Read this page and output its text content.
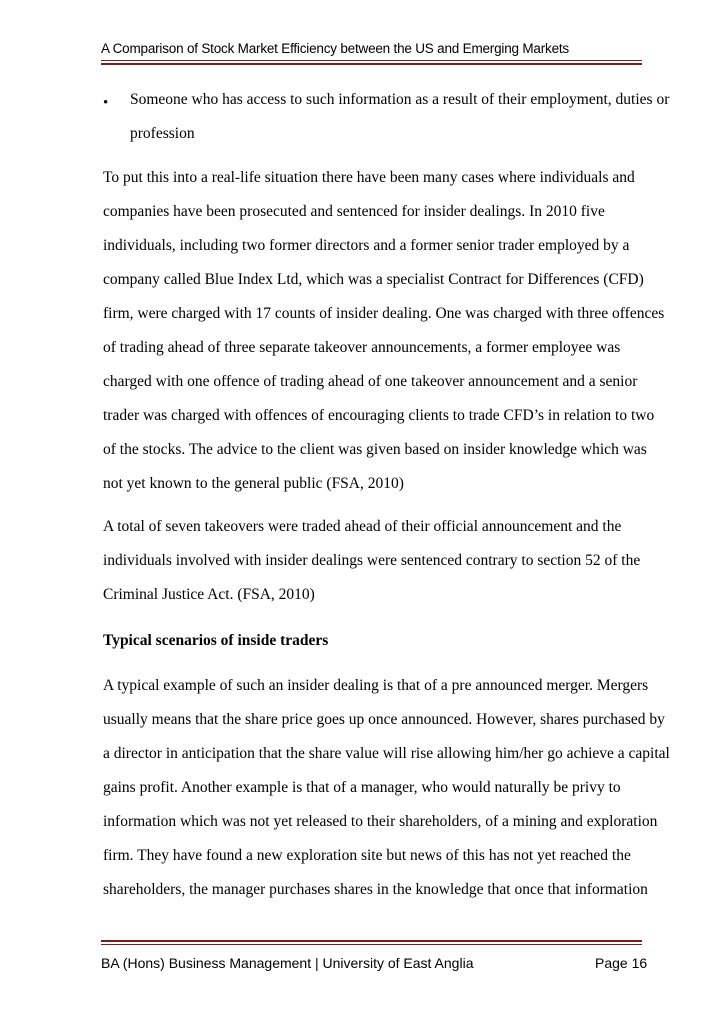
A Comparison of Stock Market Efficiency between the US and Emerging Markets
• Someone who has access to such information as a result of their employment, duties or
profession
To put this into a real-life situation there have been many cases where individuals and
companies have been prosecuted and sentenced for insider dealings. In 2010 five
individuals, including two former directors and a former senior trader employed by a
company called Blue Index Ltd, which was a specialist Contract for Differences (CFD)
firm, were charged with 17 counts of insider dealing. One was charged with three offences
of trading ahead of three separate takeover announcements, a former employee was
charged with one offence of trading ahead of one takeover announcement and a senior
trader was charged with offences of encouraging clients to trade CFD’s in relation to two
of the stocks. The advice to the client was given based on insider knowledge which was
not yet known to the general public (FSA, 2010)
A total of seven takeovers were traded ahead of their official announcement and the
individuals involved with insider dealings were sentenced contrary to section 52 of the
Criminal Justice Act. (FSA, 2010)
Typical scenarios of inside traders
A typical example of such an insider dealing is that of a pre announced merger. Mergers
usually means that the share price goes up once announced. However, shares purchased by
a director in anticipation that the share value will rise allowing him/her go achieve a capital
gains profit. Another example is that of a manager, who would naturally be privy to
information which was not yet released to their shareholders, of a mining and exploration
firm. They have found a new exploration site but news of this has not yet reached the
shareholders, the manager purchases shares in the knowledge that once that information
BA (Hons) Business Management | University of East Anglia	Page 16
